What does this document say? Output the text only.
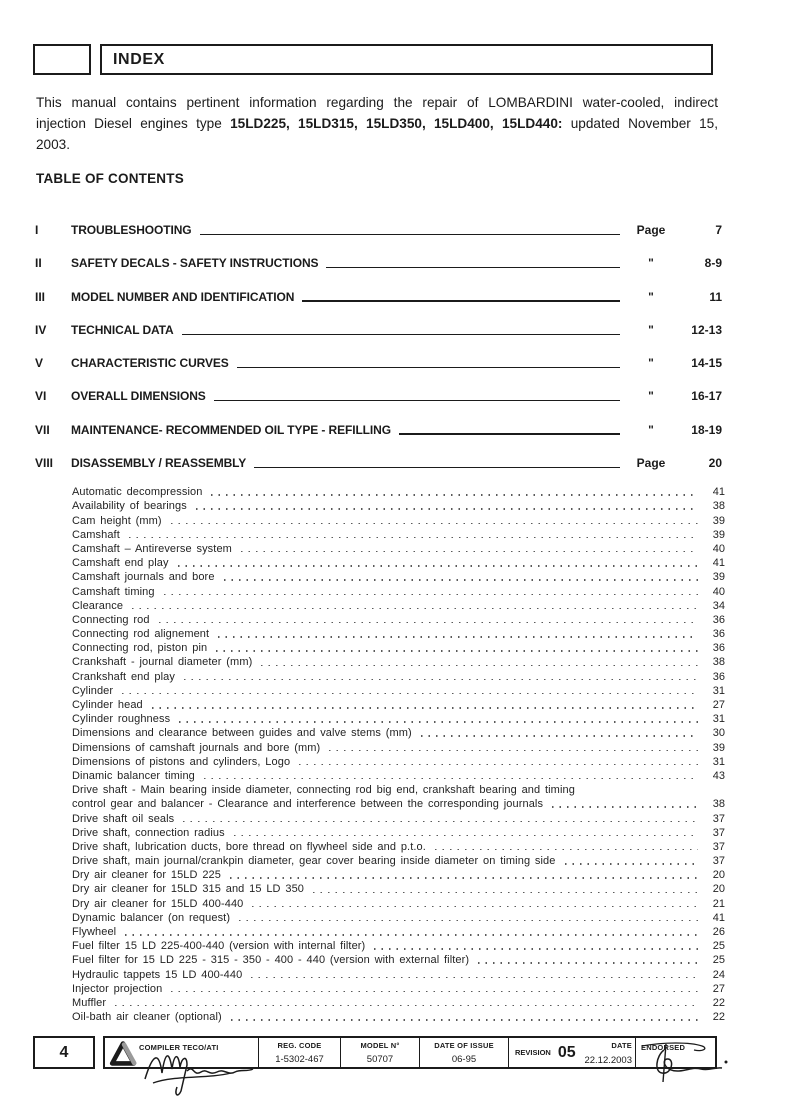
INDEX

This manual contains pertinent information regarding the repair of LOMBARDINI water-cooled, indirect injection Diesel engines type 15LD225, 15LD315, 15LD350, 15LD400, 15LD440: updated November 15, 2003.

TABLE OF CONTENTS
I	TROUBLESHOOTING	Page	7
II	SAFETY DECALS - SAFETY INSTRUCTIONS	"	8-9
III	MODEL NUMBER AND IDENTIFICATION	"	11
IV	TECHNICAL DATA	"	12-13
V	CHARACTERISTIC CURVES	"	14-15
VI	OVERALL DIMENSIONS	"	16-17
VII	MAINTENANCE- RECOMMENDED OIL TYPE - REFILLING	"	18-19
VIII	DISASSEMBLY / REASSEMBLY	Page	20
Automatic decompression	41
Availability of bearings	38
Cam height (mm)	39
Camshaft	39
Camshaft – Antireverse system	40
Camshaft end play	41
Camshaft journals and bore	39
Camshaft timing	40
Clearance	34
Connecting rod	36
Connecting rod alignement	36
Connecting rod, piston pin	36
Crankshaft - journal diameter (mm)	38
Crankshaft end play	36
Cylinder	31
Cylinder head	27
Cylinder roughness	31
Dimensions and clearance between guides and valve stems (mm)	30
Dimensions of camshaft journals and bore (mm)	39
Dimensions of pistons and cylinders, Logo	31
Dinamic balancer timing	43
Drive shaft - Main bearing inside diameter, connecting rod big end, crankshaft bearing and timing
control gear and balancer - Clearance and interference between the corresponding journals	38
Drive shaft oil seals	37
Drive shaft, connection radius	37
Drive shaft, lubrication ducts, bore thread on flywheel side and p.t.o.	37
Drive shaft, main journal/crankpin diameter, gear cover bearing inside diameter on timing side	37
Dry air cleaner for 15LD 225	20
Dry air cleaner for 15LD 315 and 15 LD 350	20
Dry air cleaner for 15LD 400-440	21
Dynamic balancer (on request)	41
Flywheel	26
Fuel filter 15 LD 225-400-440 (version with internal filter)	25
Fuel filter for 15 LD 225 - 315 - 350 - 400 - 440 (version with external filter)	25
Hydraulic tappets 15 LD 400-440	24
Injector projection	27
Muffler	22
Oil-bath air cleaner (optional)	22
4	COMPILER TECO/ATI	REG. CODE
1-5302-467
MODEL N°
50707
DATE OF ISSUE
06-95
REVISION 05	DATE
22.12.2003
ENDORSED
